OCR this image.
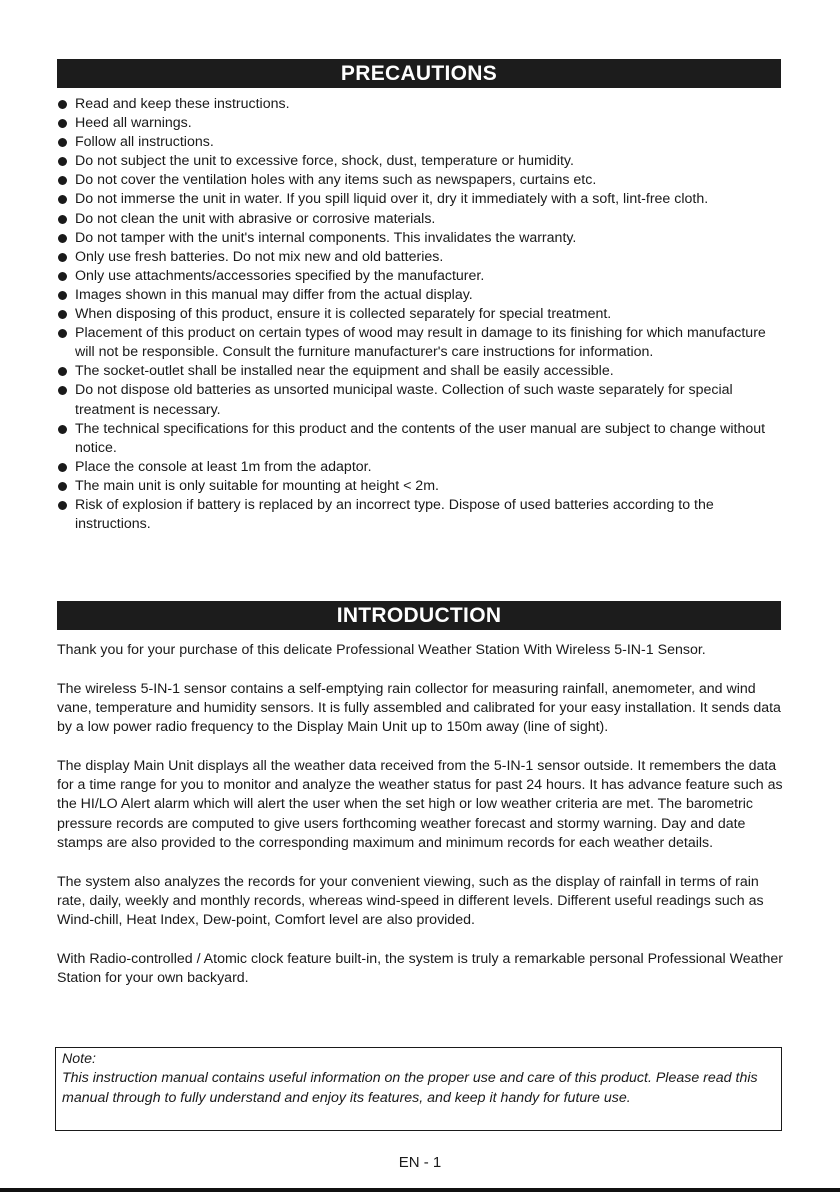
PRECAUTIONS
Read and keep these instructions.
Heed all warnings.
Follow all instructions.
Do not subject the unit to excessive force, shock, dust, temperature or humidity.
Do not cover the ventilation holes with any items such as newspapers, curtains etc.
Do not immerse the unit in water. If you spill liquid over it, dry it immediately with a soft, lint-free cloth.
Do not clean the unit with abrasive or corrosive materials.
Do not tamper with the unit's internal components. This invalidates the warranty.
Only use fresh batteries. Do not mix new and old batteries.
Only use attachments/accessories specified by the manufacturer.
Images shown in this manual may differ from the actual display.
When disposing of this product, ensure it is collected separately for special treatment.
Placement of this product on certain types of wood may result in damage to its finishing for which manufacture will not be responsible. Consult the furniture manufacturer's care instructions for information.
The socket-outlet shall be installed near the equipment and shall be easily accessible.
Do not dispose old batteries as unsorted municipal waste. Collection of such waste separately for special treatment is necessary.
The technical specifications for this product and the contents of the user manual are subject to change without notice.
Place the console at least 1m from the adaptor.
The main unit is only suitable for mounting at height < 2m.
Risk of explosion if battery is replaced by an incorrect type. Dispose of used batteries according to the instructions.
INTRODUCTION

Thank you for your purchase of this delicate Professional Weather Station With Wireless 5-IN-1 Sensor.

The wireless 5-IN-1 sensor contains a self-emptying rain collector for measuring rainfall, anemometer, and wind vane, temperature and humidity sensors. It is fully assembled and calibrated for your easy installation. It sends data by a low power radio frequency to the Display Main Unit up to 150m away (line of sight).

The display Main Unit displays all the weather data received from the 5-IN-1 sensor outside. It remembers the data for a time range for you to monitor and analyze the weather status for past 24 hours. It has advance feature such as the HI/LO Alert alarm which will alert the user when the set high or low weather criteria are met. The barometric pressure records are computed to give users forthcoming weather forecast and stormy warning. Day and date stamps are also provided to the corresponding maximum and minimum records for each weather details.

The system also analyzes the records for your convenient viewing, such as the display of rainfall in terms of rain rate, daily, weekly and monthly records, whereas wind-speed in different levels. Different useful readings such as Wind-chill, Heat Index, Dew-point, Comfort level are also provided.

With Radio-controlled / Atomic clock feature built-in, the system is truly a remarkable personal Professional Weather Station for your own backyard.

Note:
This instruction manual contains useful information on the proper use and care of this product. Please read this manual through to fully understand and enjoy its features, and keep it handy for future use.
EN - 1
